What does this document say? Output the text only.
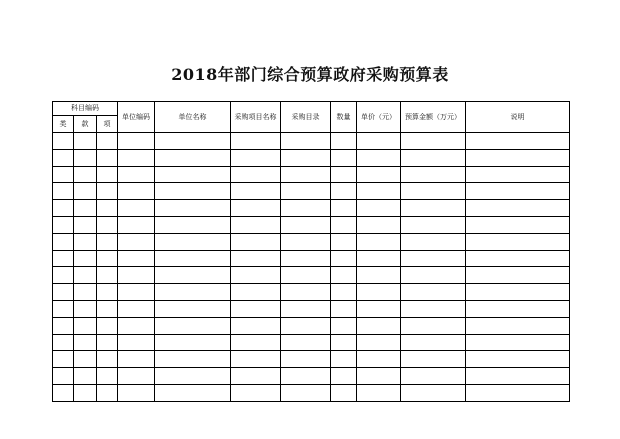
2018年部门综合预算政府采购预算表
科目编码			单位编码	单位名称	采购项目名称	采购目录	数量	单价（元）	预算金额（万元）	说明
类	款	项								
